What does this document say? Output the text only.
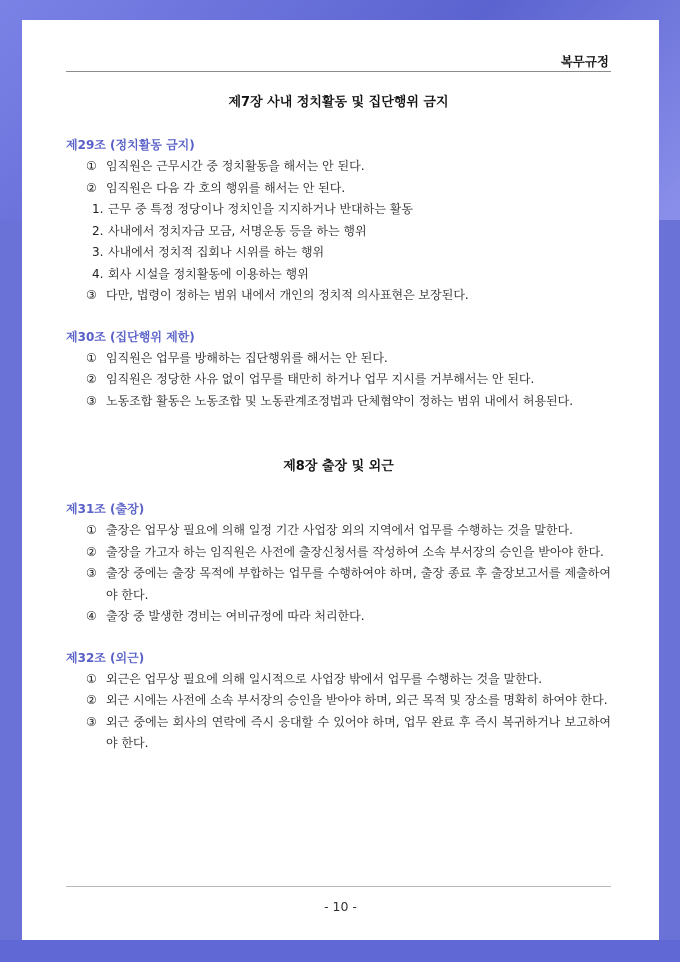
복무규정
제7장 사내 정치활동 및 집단행위 금지
제29조 (정치활동 금지)
① 임직원은 근무시간 중 정치활동을 해서는 안 된다.
② 임직원은 다음 각 호의 행위를 해서는 안 된다.
1. 근무 중 특정 정당이나 정치인을 지지하거나 반대하는 활동
2. 사내에서 정치자금 모금, 서명운동 등을 하는 행위
3. 사내에서 정치적 집회나 시위를 하는 행위
4. 회사 시설을 정치활동에 이용하는 행위
③ 다만, 법령이 정하는 범위 내에서 개인의 정치적 의사표현은 보장된다.
제30조 (집단행위 제한)
① 임직원은 업무를 방해하는 집단행위를 해서는 안 된다.
② 임직원은 정당한 사유 없이 업무를 태만히 하거나 업무 지시를 거부해서는 안 된다.
③ 노동조합 활동은 노동조합 및 노동관계조정법과 단체협약이 정하는 범위 내에서 허용된다.
제8장 출장 및 외근
제31조 (출장)
① 출장은 업무상 필요에 의해 일정 기간 사업장 외의 지역에서 업무를 수행하는 것을 말한다.
② 출장을 가고자 하는 임직원은 사전에 출장신청서를 작성하여 소속 부서장의 승인을 받아야 한다.
③ 출장 중에는 출장 목적에 부합하는 업무를 수행하여야 하며, 출장 종료 후 출장보고서를 제출하여야 한다.
④ 출장 중 발생한 경비는 여비규정에 따라 처리한다.
제32조 (외근)
① 외근은 업무상 필요에 의해 일시적으로 사업장 밖에서 업무를 수행하는 것을 말한다.
② 외근 시에는 사전에 소속 부서장의 승인을 받아야 하며, 외근 목적 및 장소를 명확히 하여야 한다.
③ 외근 중에는 회사의 연락에 즉시 응대할 수 있어야 하며, 업무 완료 후 즉시 복귀하거나 보고하여야 한다.
- 10 -
